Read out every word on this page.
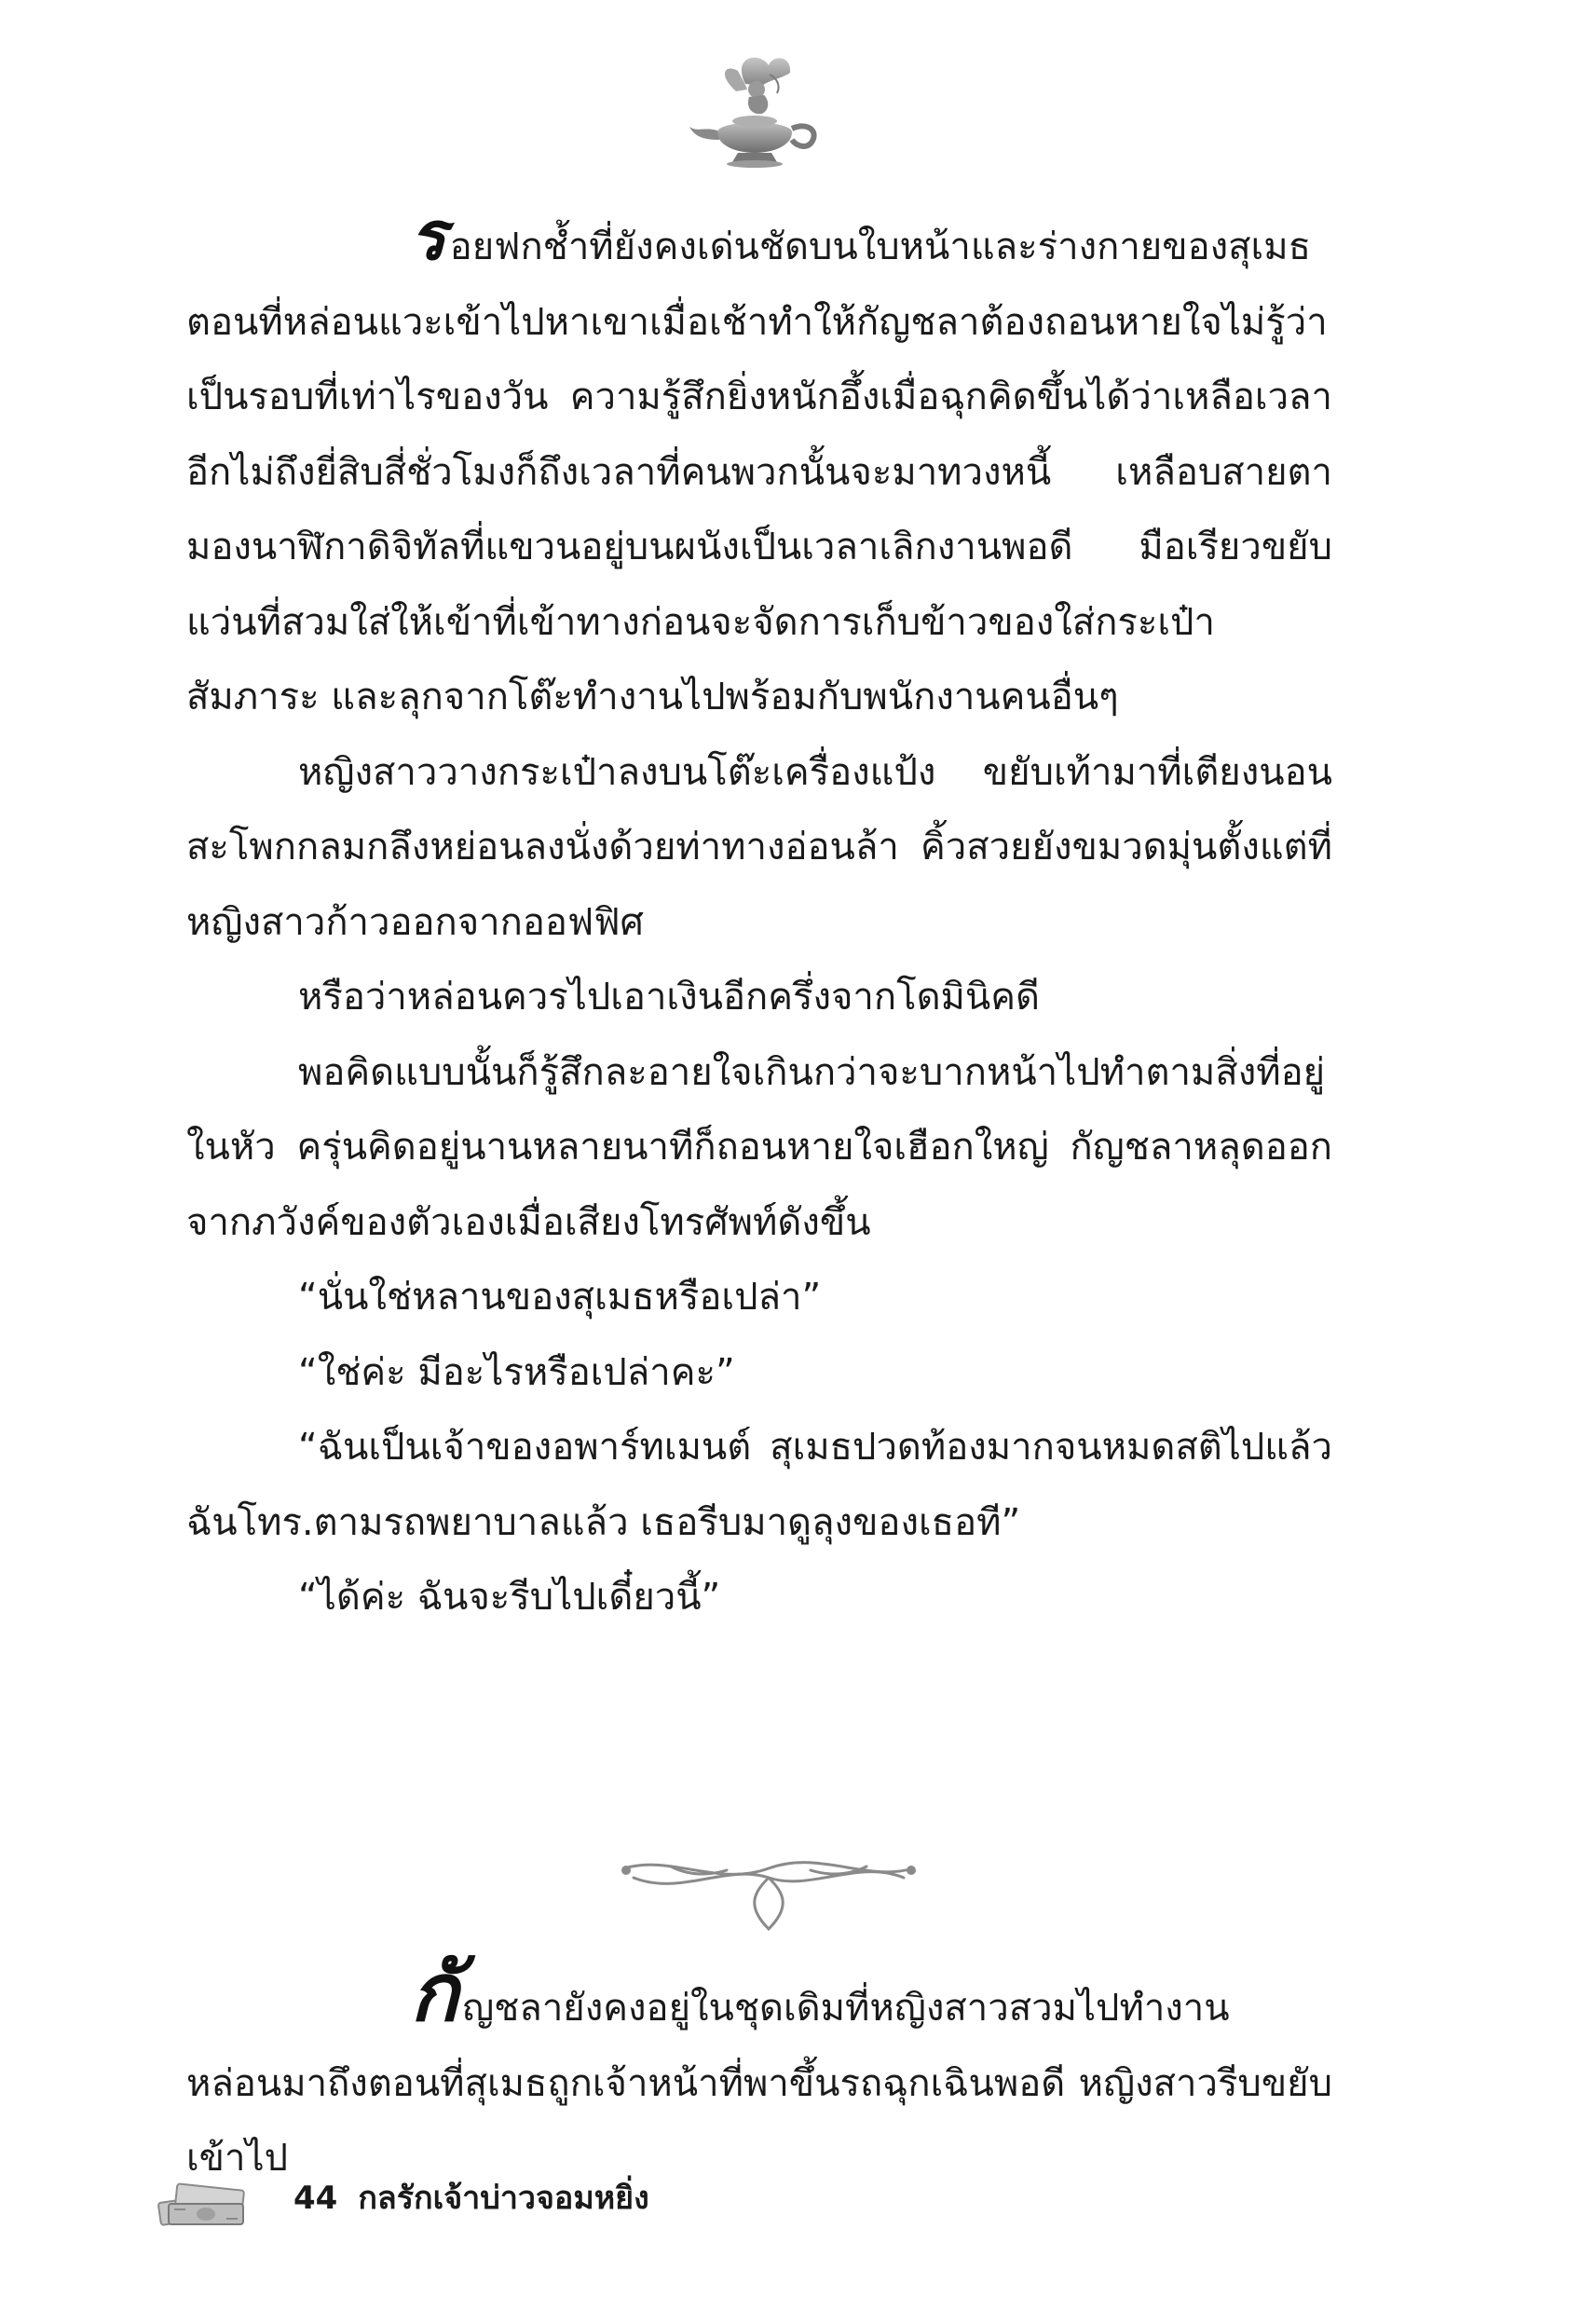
รอยฟกช้ำที่ยังคงเด่นชัดบนใบหน้าและร่างกายของสุเมธตอนที่หล่อนแวะเข้าไปหาเขาเมื่อเช้าทำให้กัญชลาต้องถอนหายใจไม่รู้ว่าเป็นรอบที่เท่าไรของวัน ความรู้สึกยิ่งหนักอึ้งเมื่อฉุกคิดขึ้นได้ว่าเหลือเวลาอีกไม่ถึงยี่สิบสี่ชั่วโมงก็ถึงเวลาที่คนพวกนั้นจะมาทวงหนี้ เหลือบสายตามองนาฬิกาดิจิทัลที่แขวนอยู่บนผนังเป็นเวลาเลิกงานพอดี มือเรียวขยับแว่นที่สวมใส่ให้เข้าที่เข้าทางก่อนจะจัดการเก็บข้าวของใส่กระเป๋าสัมภาระ และลุกจากโต๊ะทำงานไปพร้อมกับพนักงานคนอื่นๆ

หญิงสาววางกระเป๋าลงบนโต๊ะเครื่องแป้ง ขยับเท้ามาที่เตียงนอน สะโพกกลมกลึงหย่อนลงนั่งด้วยท่าทางอ่อนล้า คิ้วสวยยังขมวดมุ่นตั้งแต่ที่หญิงสาวก้าวออกจากออฟฟิศ

หรือว่าหล่อนควรไปเอาเงินอีกครึ่งจากโดมินิคดี

พอคิดแบบนั้นก็รู้สึกละอายใจเกินกว่าจะบากหน้าไปทำตามสิ่งที่อยู่ในหัว ครุ่นคิดอยู่นานหลายนาทีก็ถอนหายใจเฮือกใหญ่ กัญชลาหลุดออกจากภวังค์ของตัวเองเมื่อเสียงโทรศัพท์ดังขึ้น

“นั่นใช่หลานของสุเมธหรือเปล่า”

“ใช่ค่ะ มีอะไรหรือเปล่าคะ”

“ฉันเป็นเจ้าของอพาร์ทเมนต์ สุเมธปวดท้องมากจนหมดสติไปแล้ว ฉันโทร.ตามรถพยาบาลแล้ว เธอรีบมาดูลุงของเธอที”

“ได้ค่ะ ฉันจะรีบไปเดี๋ยวนี้”

กัญชลายังคงอยู่ในชุดเดิมที่หญิงสาวสวมไปทำงาน หล่อนมาถึงตอนที่สุเมธถูกเจ้าหน้าที่พาขึ้นรถฉุกเฉินพอดี หญิงสาวรีบขยับเข้าไป

44 กลรักเจ้าบ่าวจอมหยิ่ง
